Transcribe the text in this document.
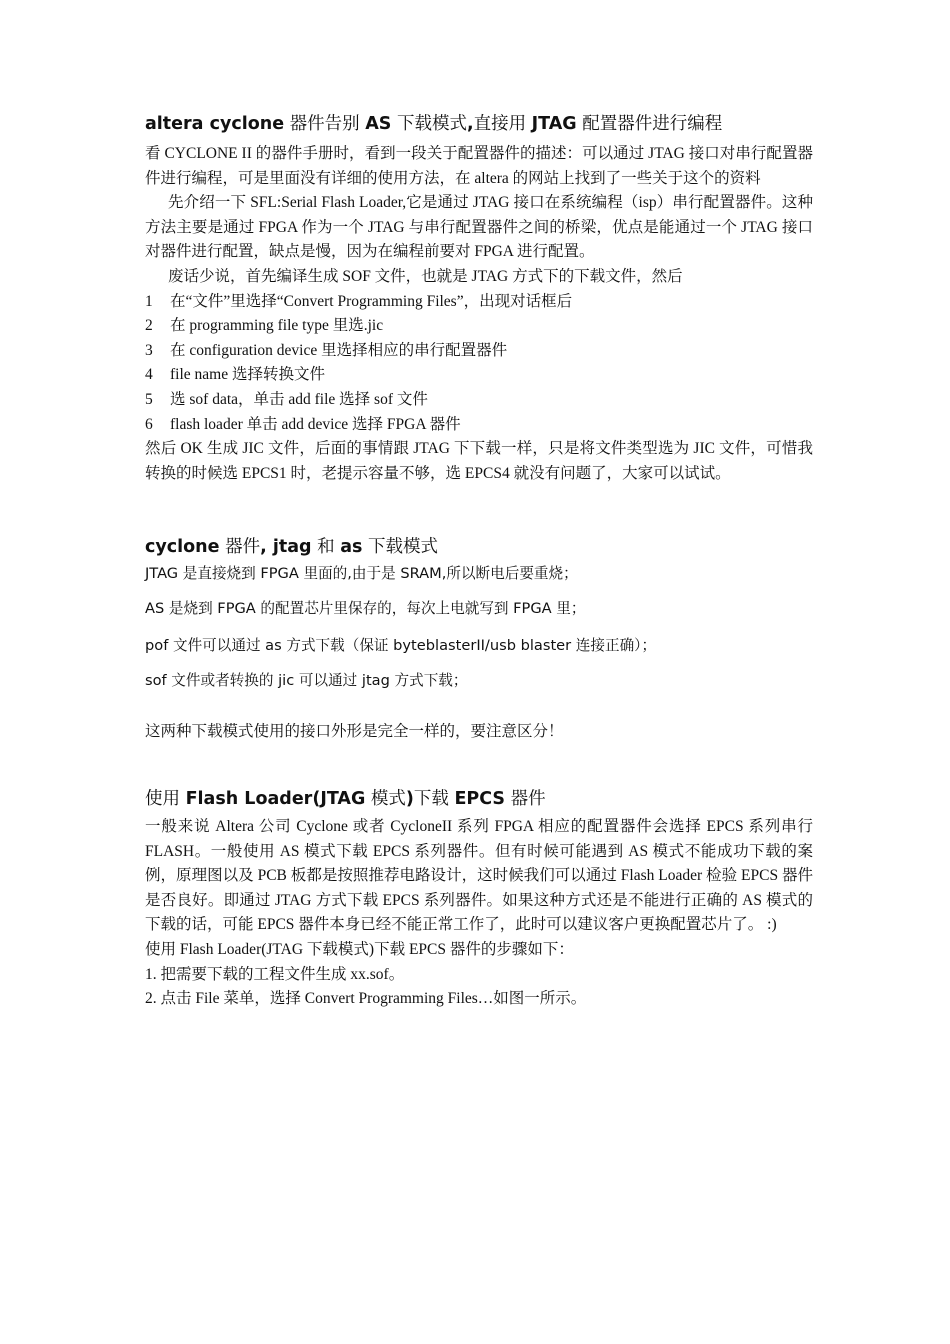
altera cyclone 器件告别 AS 下载模式,直接用 JTAG 配置器件进行编程

看 CYCLONE II 的器件手册时，看到一段关于配置器件的描述：可以通过 JTAG 接口对串行配置器件进行编程，可是里面没有详细的使用方法，在 altera 的网站上找到了一些关于这个的资料

先介绍一下 SFL:Serial Flash Loader,它是通过 JTAG 接口在系统编程（isp）串行配置器件。这种方法主要是通过 FPGA 作为一个 JTAG 与串行配置器件之间的桥梁，优点是能通过一个 JTAG 接口对器件进行配置，缺点是慢，因为在编程前要对 FPGA 进行配置。

废话少说，首先编译生成 SOF 文件，也就是 JTAG 方式下的下载文件，然后

1	在“文件”里选择“Convert Programming Files”，出现对话框后
2	在 programming file type 里选.jic
3	在 configuration device 里选择相应的串行配置器件
4	file name 选择转换文件
5	选 sof data，单击 add file 选择 sof 文件
6	flash loader 单击 add device 选择 FPGA 器件

然后 OK 生成 JIC 文件，后面的事情跟 JTAG 下下载一样，只是将文件类型选为 JIC 文件，可惜我转换的时候选 EPCS1 时，老提示容量不够，选 EPCS4 就没有问题了，大家可以试试。

cyclone 器件, jtag 和 as 下载模式

JTAG 是直接烧到 FPGA 里面的,由于是 SRAM,所以断电后要重烧；

AS 是烧到 FPGA 的配置芯片里保存的，每次上电就写到 FPGA 里；

pof 文件可以通过 as 方式下载（保证 byteblasterII/usb blaster 连接正确）；

sof 文件或者转换的 jic 可以通过 jtag 方式下载；

这两种下载模式使用的接口外形是完全一样的，要注意区分！

使用 Flash Loader(JTAG 模式)下载 EPCS 器件

一般来说 Altera 公司 Cyclone 或者 CycloneII 系列 FPGA 相应的配置器件会选择 EPCS 系列串行 FLASH。一般使用 AS 模式下载 EPCS 系列器件。但有时候可能遇到 AS 模式不能成功下载的案例，原理图以及 PCB 板都是按照推荐电路设计，这时候我们可以通过 Flash Loader 检验 EPCS 器件是否良好。即通过 JTAG 方式下载 EPCS 系列器件。如果这种方式还是不能进行正确的 AS 模式的下载的话，可能 EPCS 器件本身已经不能正常工作了，此时可以建议客户更换配置芯片了。 :)

使用 Flash Loader(JTAG 下载模式)下载 EPCS 器件的步骤如下：

1. 把需要下载的工程文件生成 xx.sof。

2. 点击 File 菜单，选择 Convert Programming Files…如图一所示。
